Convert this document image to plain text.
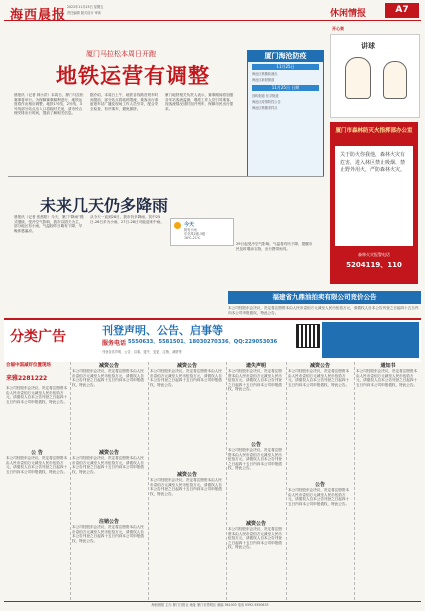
海西晨报
2022年11月25日 星期五
责任编辑 版式设计 审读	休闲情报	A7
厦门马拉松本周日开跑
地铁运营有调整
晨报讯（记者 林小洪）本周日，厦门马拉松赛事将举行。为保障赛事顺利进行，地铁运营将作出相应调整，地铁1号线、2号线、3号线部分站点出入口将临时关闭，请市民合理安排出行时间，提前了解相关信息。
据介绍，本周日上午，地铁各线路首班车时间提前，部分站点将临时限流，乘客出行请留意车站广播及现场工作人员引导，配合安全检查，有序乘车，避免拥挤。
厦门地铁相关负责人表示，赛事期间将加强各车站客流监测，增派工作人员引导乘客，视客流情况适时加开列车，保障市民出行需求。
厦门海沧防疫
11月25日
海沧区核酸检测点
海沧区新阳街道
11月25日 日期
嵩屿街道 东孚街道
海沧区疫情防控公告
海沧区核酸采样点
未来几天仍多降雨
晨报讯（记者 张晨阳）今天，厦门“降雨”模式继续，受冷空气影响，我市以阴天为主，部分地区有小雨，气温较昨日略有下降，早晚体感偏凉。
从今天一直到28日，我市仍多降雨，其中25日-26日多为小雨，27日-28日可能迎来中雨。
今天
阴有小雨
东北风2级-3级
16℃-21℃
29日起受冷空气影响，气温将有所下降，提醒市民及时增添衣物，出行携带雨具。
开心果
讲球
厦门市森林防灭火指挥部办公室
关于防火你我他，森林火灾有危害，进入林区禁止吸烟、禁止野外用火，严防森林火灾。
森林火灾报警电话
5204119、110
福建省九鼎油拍卖有限公司竞价公告
本公司经股东会决议，决定将注册资本由人民币壹佰万元减至人民币伍拾万元，请债权人自本公告刊登之日起四十五日内向本公司申报债权，特此公告。
分类广告	刊登声明、公告、启事等
服务电话 5550633、5581501、18030270336、QQ:229053036
刊登各类声明、公告、启事，遗失、变更、注销、减资等
合福中国减好位置现场
来雅2281222
本公司经股东会决议，决定将注册资本由人民币壹佰万元减至人民币伍拾万元，请债权人自本公告刊登之日起四十五日内向本公司申报债权，特此公告。
公 告
本公司经股东会决议，决定将注册资本由人民币壹佰万元减至人民币伍拾万元，请债权人自本公告刊登之日起四十五日内向本公司申报债权，特此公告。
减资公告
本公司经股东会决议，决定将注册资本由人民币壹佰万元减至人民币伍拾万元，请债权人自本公告刊登之日起四十五日内向本公司申报债权，特此公告。
减资公告
本公司经股东会决议，决定将注册资本由人民币壹佰万元减至人民币伍拾万元，请债权人自本公告刊登之日起四十五日内向本公司申报债权，特此公告。
注销公告
本公司经股东会决议，决定将注册资本由人民币壹佰万元减至人民币伍拾万元，请债权人自本公告刊登之日起四十五日内向本公司申报债权，特此公告。
减资公告
本公司经股东会决议，决定将注册资本由人民币壹佰万元减至人民币伍拾万元，请债权人自本公告刊登之日起四十五日内向本公司申报债权，特此公告。
减资公告
本公司经股东会决议，决定将注册资本由人民币壹佰万元减至人民币伍拾万元，请债权人自本公告刊登之日起四十五日内向本公司申报债权，特此公告。
遗失声明
本公司经股东会决议，决定将注册资本由人民币壹佰万元减至人民币伍拾万元，请债权人自本公告刊登之日起四十五日内向本公司申报债权，特此公告。
公告
本公司经股东会决议，决定将注册资本由人民币壹佰万元减至人民币伍拾万元，请债权人自本公告刊登之日起四十五日内向本公司申报债权，特此公告。
减资公告
本公司经股东会决议，决定将注册资本由人民币壹佰万元减至人民币伍拾万元，请债权人自本公告刊登之日起四十五日内向本公司申报债权，特此公告。
减资公告
本公司经股东会决议，决定将注册资本由人民币壹佰万元减至人民币伍拾万元，请债权人自本公告刊登之日起四十五日内向本公司申报债权，特此公告。
公告
本公司经股东会决议，决定将注册资本由人民币壹佰万元减至人民币伍拾万元，请债权人自本公告刊登之日起四十五日内向本公司申报债权，特此公告。
通知书
本公司经股东会决议，决定将注册资本由人民币壹佰万元减至人民币伍拾万元，请债权人自本公告刊登之日起四十五日内向本公司申报债权，特此公告。
海西晨报 主办 厦门日报社 地址 厦门市思明区 邮编 361003 电话 0592-5550633
